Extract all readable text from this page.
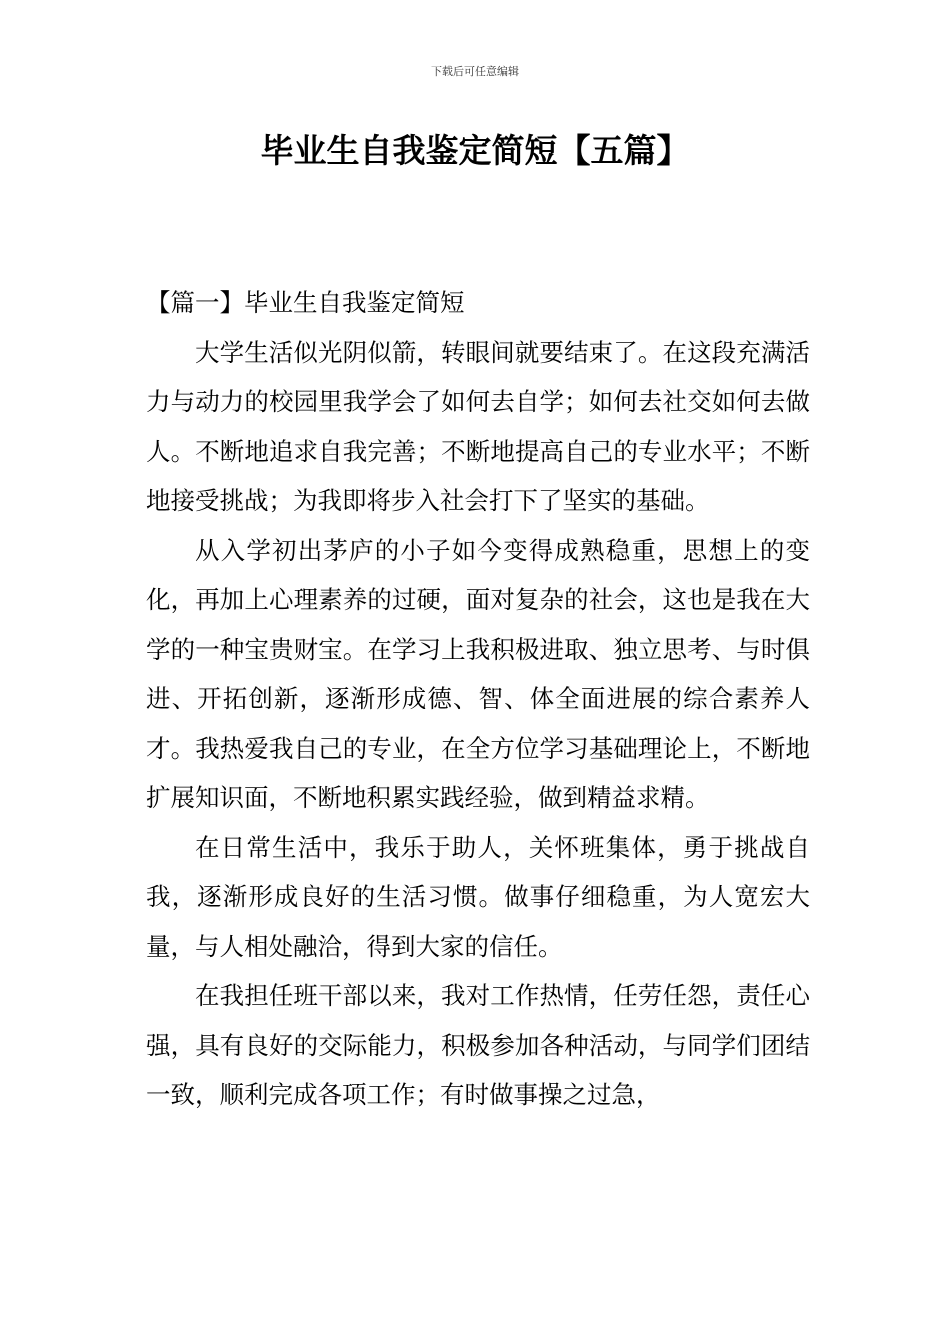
下载后可任意编辑
毕业生自我鉴定简短【五篇】
【篇一】毕业生自我鉴定简短

大学生活似光阴似箭，转眼间就要结束了。在这段充满活力与动力的校园里我学会了如何去自学；如何去社交如何去做人。不断地追求自我完善；不断地提高自己的专业水平；不断地接受挑战；为我即将步入社会打下了坚实的基础。

从入学初出茅庐的小子如今变得成熟稳重，思想上的变化，再加上心理素养的过硬，面对复杂的社会，这也是我在大学的一种宝贵财宝。在学习上我积极进取、独立思考、与时俱进、开拓创新，逐渐形成德、智、体全面进展的综合素养人才。我热爱我自己的专业，在全方位学习基础理论上，不断地扩展知识面，不断地积累实践经验，做到精益求精。

在日常生活中，我乐于助人，关怀班集体，勇于挑战自我，逐渐形成良好的生活习惯。做事仔细稳重，为人宽宏大量，与人相处融洽，得到大家的信任。

在我担任班干部以来，我对工作热情，任劳任怨，责任心强，具有良好的交际能力，积极参加各种活动，与同学们团结一致，顺利完成各项工作；有时做事操之过急，
